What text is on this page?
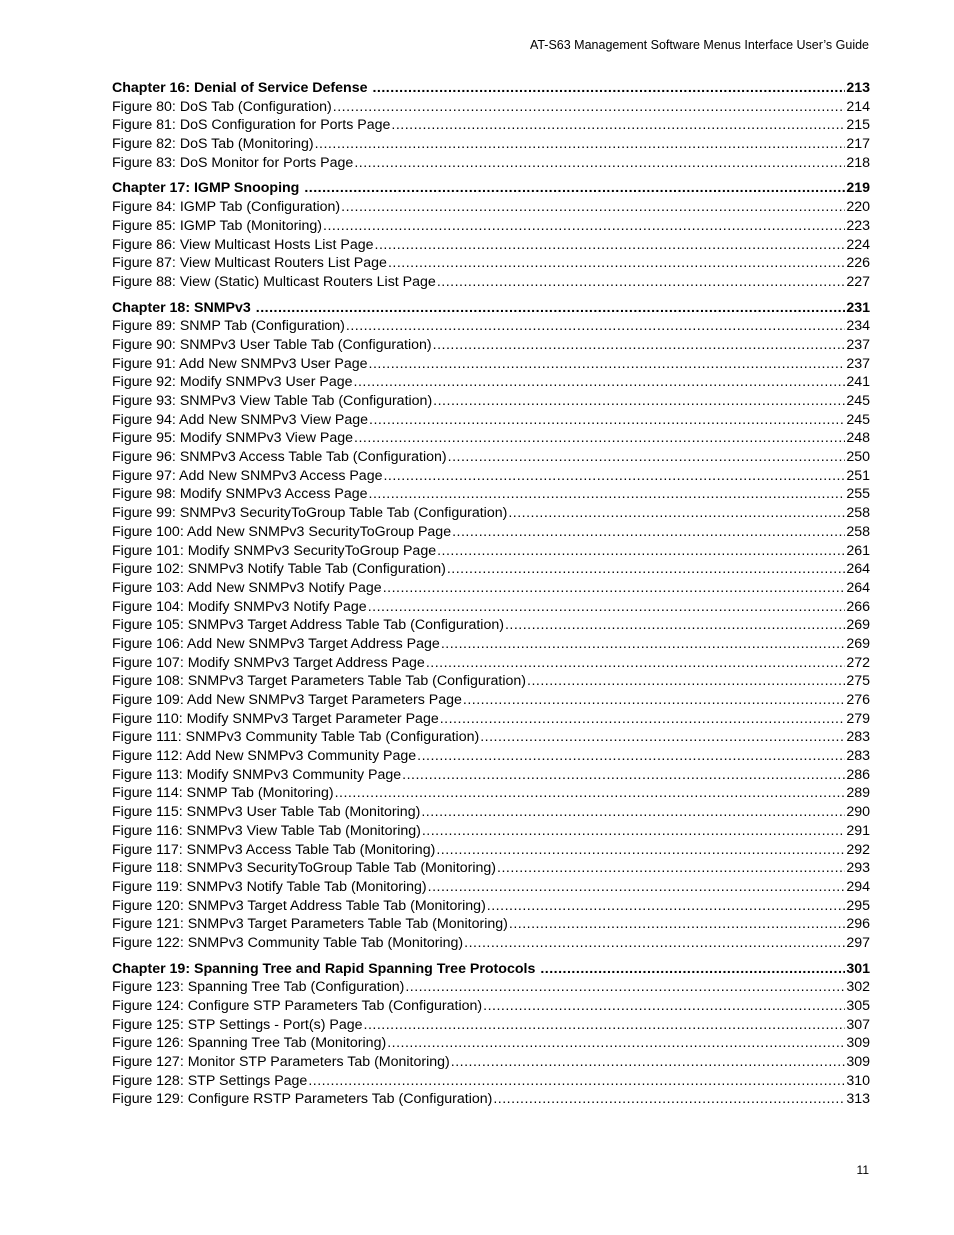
AT-S63 Management Software Menus Interface User’s Guide
Chapter 16: Denial of Service Defense .....	213
Figure 80: DoS Tab (Configuration) .....	214
Figure 81: DoS Configuration for Ports Page .....	215
Figure 82: DoS Tab (Monitoring) .....	217
Figure 83: DoS Monitor for Ports Page .....	218
Chapter 17: IGMP Snooping .....	219
Figure 84: IGMP Tab (Configuration) .....	220
Figure 85: IGMP Tab (Monitoring) .....	223
Figure 86: View Multicast Hosts List Page .....	224
Figure 87: View Multicast Routers List Page .....	226
Figure 88: View (Static) Multicast Routers List Page .....	227
Chapter 18: SNMPv3 .....	231
Figure 89: SNMP Tab (Configuration) .....	234
Figure 90: SNMPv3 User Table Tab (Configuration) .....	237
Figure 91: Add New SNMPv3 User Page .....	237
Figure 92: Modify SNMPv3 User Page .....	241
Figure 93: SNMPv3 View Table Tab (Configuration) .....	245
Figure 94: Add New SNMPv3 View Page .....	245
Figure 95: Modify SNMPv3 View Page .....	248
Figure 96: SNMPv3 Access Table Tab (Configuration) .....	250
Figure 97: Add New SNMPv3 Access Page .....	251
Figure 98: Modify SNMPv3 Access Page .....	255
Figure 99: SNMPv3 SecurityToGroup Table Tab (Configuration) .....	258
Figure 100: Add New SNMPv3 SecurityToGroup Page .....	258
Figure 101: Modify SNMPv3 SecurityToGroup Page .....	261
Figure 102: SNMPv3 Notify Table Tab (Configuration) .....	264
Figure 103: Add New SNMPv3 Notify Page .....	264
Figure 104: Modify SNMPv3 Notify Page .....	266
Figure 105: SNMPv3 Target Address Table Tab (Configuration) .....	269
Figure 106: Add New SNMPv3 Target Address Page .....	269
Figure 107: Modify SNMPv3 Target Address Page .....	272
Figure 108: SNMPv3 Target Parameters Table Tab (Configuration) .....	275
Figure 109: Add New SNMPv3 Target Parameters Page .....	276
Figure 110: Modify SNMPv3 Target Parameter Page .....	279
Figure 111: SNMPv3 Community Table Tab (Configuration) .....	283
Figure 112: Add New SNMPv3 Community Page .....	283
Figure 113: Modify SNMPv3 Community Page .....	286
Figure 114: SNMP Tab (Monitoring) .....	289
Figure 115: SNMPv3 User Table Tab (Monitoring) .....	290
Figure 116: SNMPv3 View Table Tab (Monitoring) .....	291
Figure 117: SNMPv3 Access Table Tab (Monitoring) .....	292
Figure 118: SNMPv3 SecurityToGroup Table Tab (Monitoring) .....	293
Figure 119: SNMPv3 Notify Table Tab (Monitoring) .....	294
Figure 120: SNMPv3 Target Address Table Tab (Monitoring) .....	295
Figure 121: SNMPv3 Target Parameters Table Tab (Monitoring) .....	296
Figure 122: SNMPv3 Community Table Tab (Monitoring) .....	297
Chapter 19: Spanning Tree and Rapid Spanning Tree Protocols .....	301
Figure 123: Spanning Tree Tab (Configuration) .....	302
Figure 124: Configure STP Parameters Tab (Configuration) .....	305
Figure 125: STP Settings - Port(s) Page .....	307
Figure 126: Spanning Tree Tab (Monitoring) .....	309
Figure 127: Monitor STP Parameters Tab (Monitoring) .....	309
Figure 128: STP Settings Page .....	310
Figure 129: Configure RSTP Parameters Tab (Configuration) .....	313
11
